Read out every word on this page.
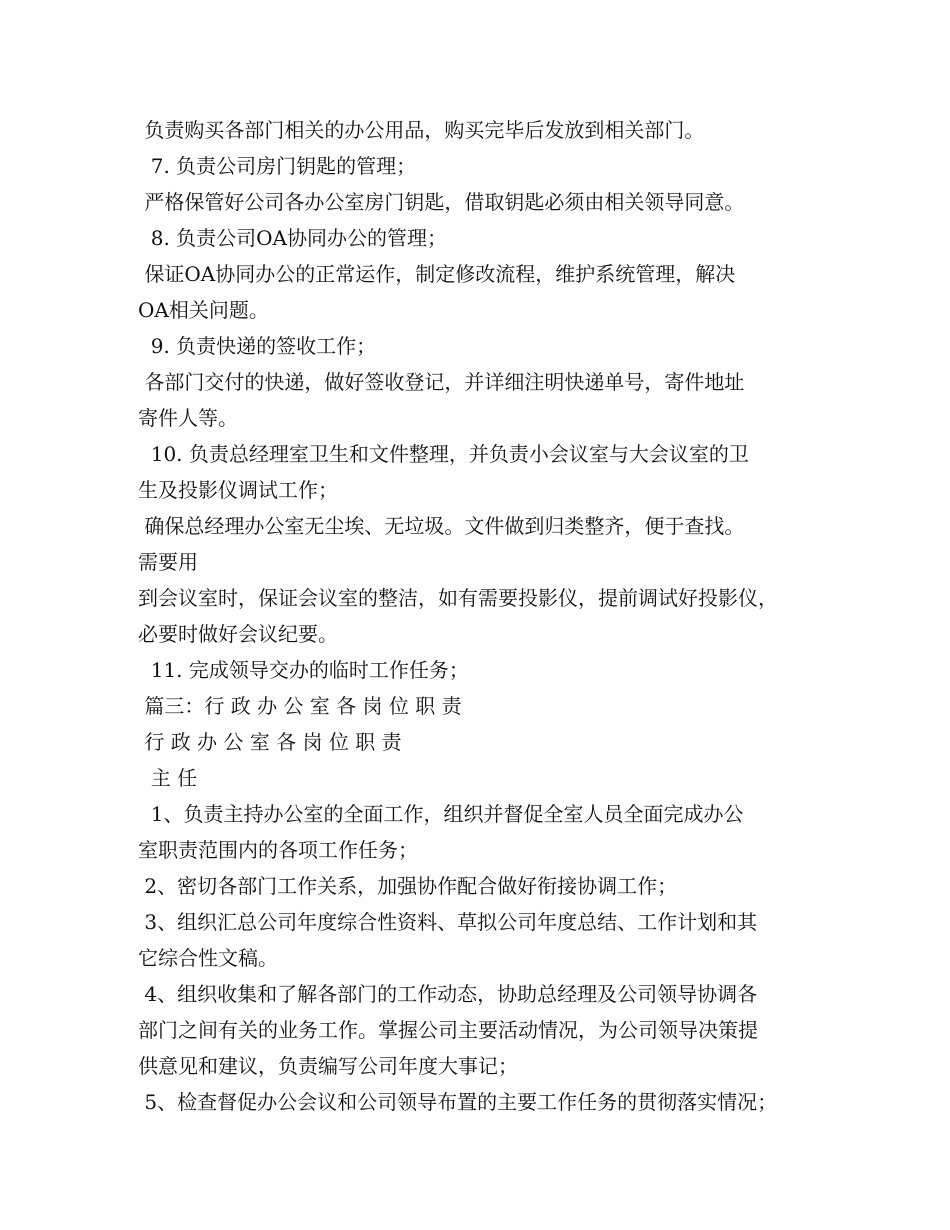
负责购买各部门相关的办公用品，购买完毕后发放到相关部门。
7. 负责公司房门钥匙的管理；
严格保管好公司各办公室房门钥匙，借取钥匙必须由相关领导同意。
8. 负责公司OA协同办公的管理；
保证OA协同办公的正常运作，制定修改流程，维护系统管理，解决
OA相关问题。
9. 负责快递的签收工作；
各部门交付的快递，做好签收登记，并详细注明快递单号，寄件地址
寄件人等。
10. 负责总经理室卫生和文件整理，并负责小会议室与大会议室的卫
生及投影仪调试工作；
确保总经理办公室无尘埃、无垃圾。文件做到归类整齐，便于查找。
需要用
到会议室时，保证会议室的整洁，如有需要投影仪，提前调试好投影仪，
必要时做好会议纪要。
11. 完成领导交办的临时工作任务；
篇三：行 政 办 公 室 各 岗 位 职 责
行 政 办 公 室 各 岗 位 职 责
主 任
1、负责主持办公室的全面工作，组织并督促全室人员全面完成办公
室职责范围内的各项工作任务；
2、密切各部门工作关系，加强协作配合做好衔接协调工作；
3、组织汇总公司年度综合性资料、草拟公司年度总结、工作计划和其
它综合性文稿。
4、组织收集和了解各部门的工作动态，协助总经理及公司领导协调各
部门之间有关的业务工作。掌握公司主要活动情况，为公司领导决策提
供意见和建议，负责编写公司年度大事记；
5、检查督促办公会议和公司领导布置的主要工作任务的贯彻落实情况；
